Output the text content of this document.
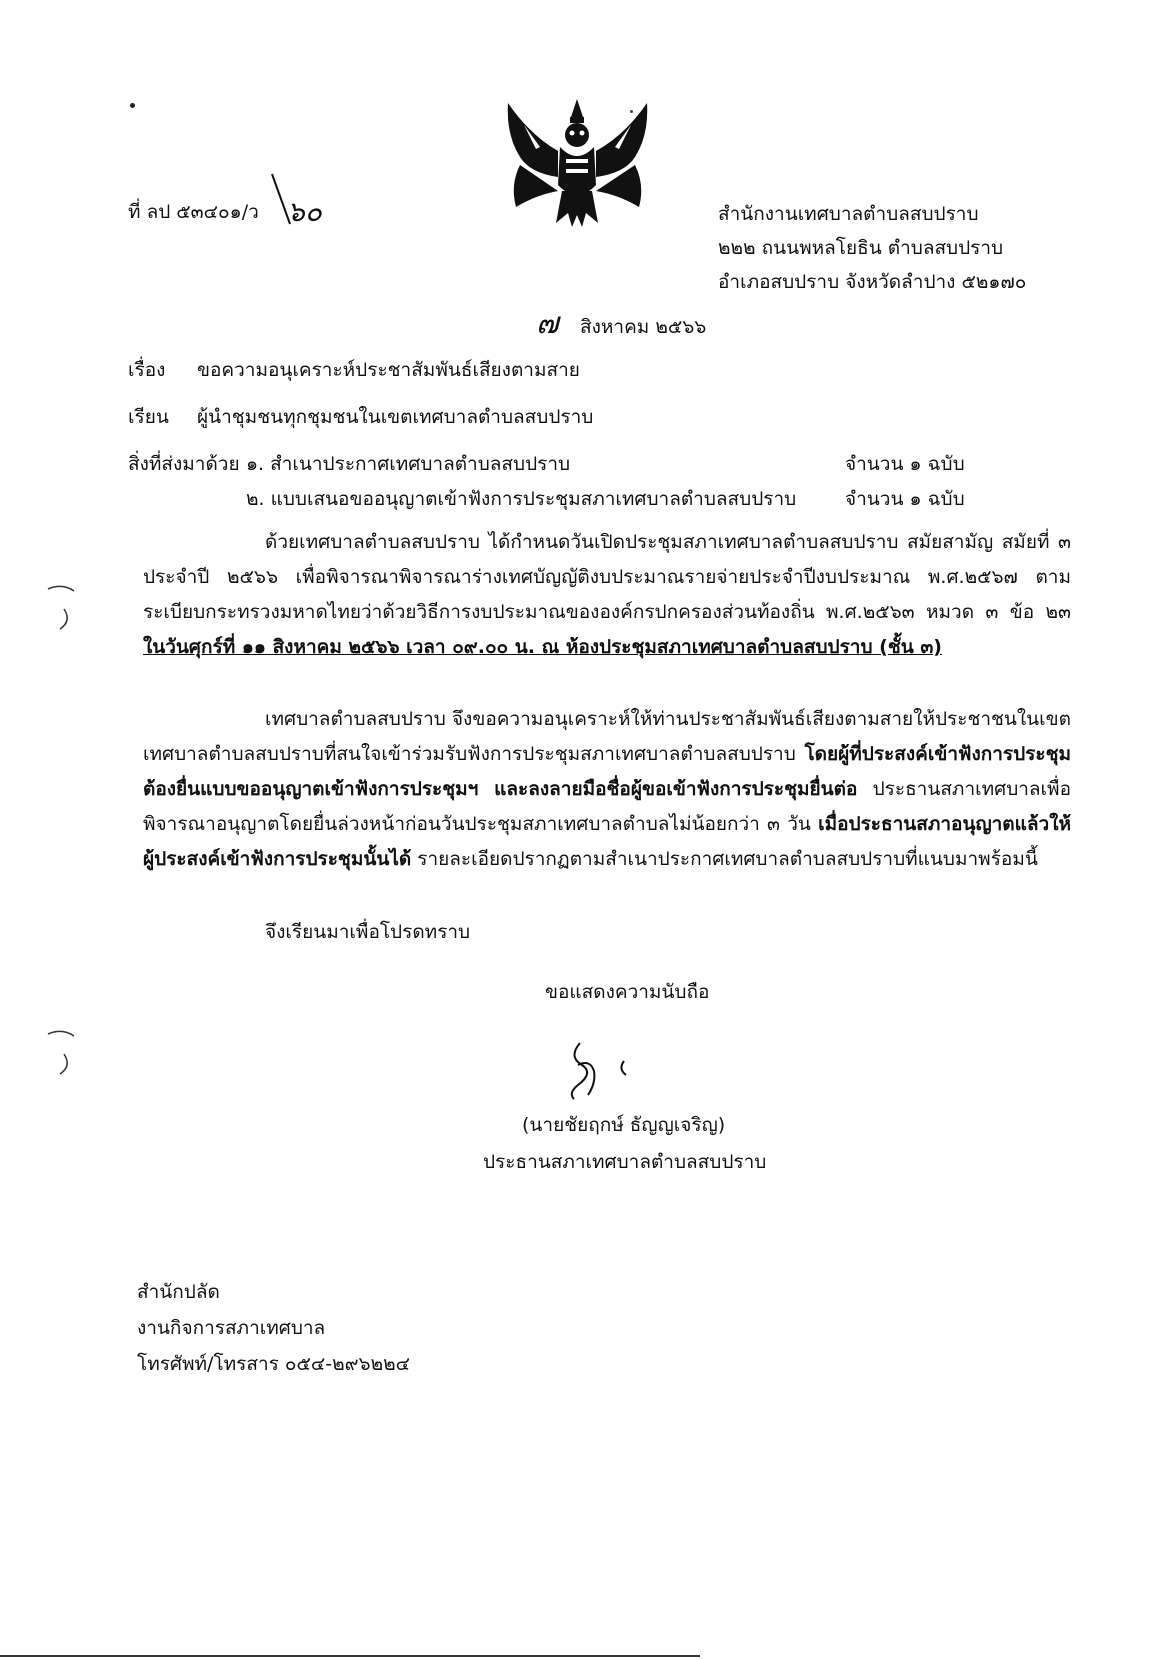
ที่ ลป ๕๓๔๐๑/ว ๖๐	สำนักงานเทศบาลตำบลสบปราบ
๒๒๒ ถนนพหลโยธิน ตำบลสบปราบ
อำเภอสบปราบ จังหวัดลำปาง ๕๒๑๗๐
๗ สิงหาคม ๒๕๖๖
เรื่อง ขอความอนุเคราะห์ประชาสัมพันธ์เสียงตามสาย
เรียน ผู้นำชุมชนทุกชุมชนในเขตเทศบาลตำบลสบปราบ
สิ่งที่ส่งมาด้วย ๑. สำเนาประกาศเทศบาลตำบลสบปราบ	จำนวน ๑ ฉบับ
๒. แบบเสนอขออนุญาตเข้าฟังการประชุมสภาเทศบาลตำบลสบปราบ	จำนวน ๑ ฉบับ
ด้วยเทศบาลตำบลสบปราบ ได้กำหนดวันเปิดประชุมสภาเทศบาลตำบลสบปราบ สมัยสามัญ สมัยที่ ๓ ประจำปี ๒๕๖๖ เพื่อพิจารณาพิจารณาร่างเทศบัญญัติงบประมาณรายจ่ายประจำปีงบประมาณ พ.ศ.๒๕๖๗ ตามระเบียบกระทรวงมหาดไทยว่าด้วยวิธีการงบประมาณขององค์กรปกครองส่วนท้องถิ่น พ.ศ.๒๕๖๓ หมวด ๓ ข้อ ๒๓ ในวันศุกร์ที่ ๑๑ สิงหาคม ๒๕๖๖ เวลา ๐๙.๐๐ น. ณ ห้องประชุมสภาเทศบาลตำบลสบปราบ (ชั้น ๓)
เทศบาลตำบลสบปราบ จึงขอความอนุเคราะห์ให้ท่านประชาสัมพันธ์เสียงตามสายให้ประชาชนในเขตเทศบาลตำบลสบปราบที่สนใจเข้าร่วมรับฟังการประชุมสภาเทศบาลตำบลสบปราบ โดยผู้ที่ประสงค์เข้าฟังการประชุมต้องยื่นแบบขออนุญาตเข้าฟังการประชุมฯ และลงลายมือชื่อผู้ขอเข้าฟังการประชุมยื่นต่อ ประธานสภาเทศบาลเพื่อพิจารณาอนุญาตโดยยื่นล่วงหน้าก่อนวันประชุมสภาเทศบาลตำบลไม่น้อยกว่า ๓ วัน เมื่อประธานสภาอนุญาตแล้วให้ผู้ประสงค์เข้าฟังการประชุมนั้นได้ รายละเอียดปรากฏตามสำเนาประกาศเทศบาลตำบลสบปราบที่แนบมาพร้อมนี้
จึงเรียนมาเพื่อโปรดทราบ
ขอแสดงความนับถือ
(นายชัยฤกษ์ ธัญญเจริญ)
ประธานสภาเทศบาลตำบลสบปราบ
สำนักปลัด
งานกิจการสภาเทศบาล
โทรศัพท์/โทรสาร ๐๕๔-๒๙๖๒๒๔
